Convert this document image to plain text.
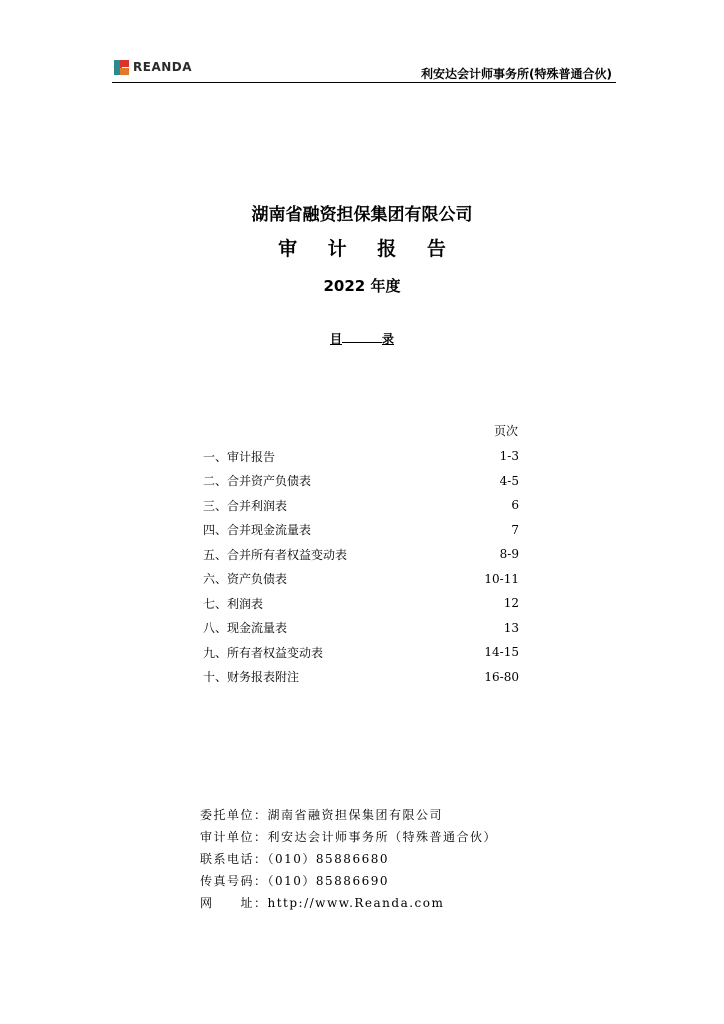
REANDA	利安达会计师事务所(特殊普通合伙)
湖南省融资担保集团有限公司
审 计 报 告
2022 年度
目	录
页次
一、审计报告	1-3
二、合并资产负债表	4-5
三、合并利润表	6
四、合并现金流量表	7
五、合并所有者权益变动表	8-9
六、资产负债表	10-11
七、利润表	12
八、现金流量表	13
九、所有者权益变动表	14-15
十、财务报表附注	16-80
委托单位：湖南省融资担保集团有限公司
审计单位：利安达会计师事务所（特殊普通合伙）
联系电话：（010）85886680
传真号码：（010）85886690
网　　址：http://www.Reanda.com
